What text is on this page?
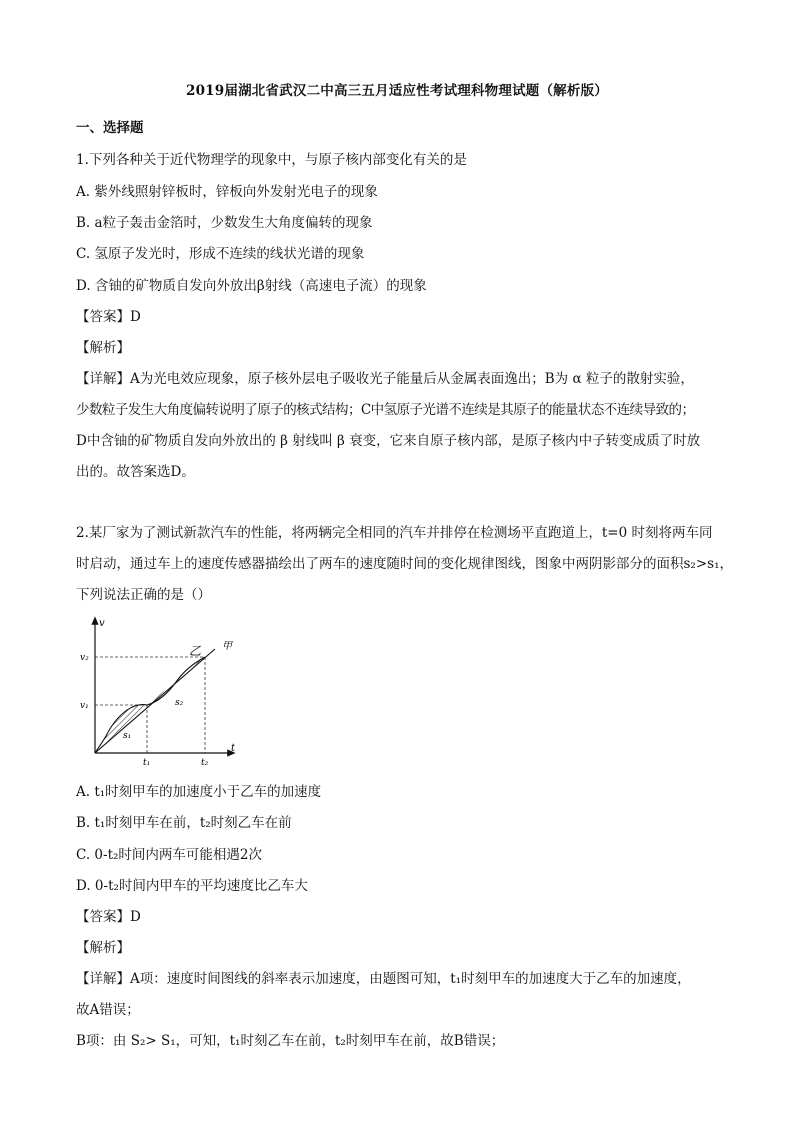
2019届湖北省武汉二中高三五月适应性考试理科物理试题（解析版）
一、选择题
1.下列各种关于近代物理学的现象中，与原子核内部变化有关的是
A. 紫外线照射锌板时，锌板向外发射光电子的现象
B. a粒子轰击金箔时，少数发生大角度偏转的现象
C. 氢原子发光时，形成不连续的线状光谱的现象
D. 含铀的矿物质自发向外放出β射线（高速电子流）的现象
【答案】D
【解析】
【详解】A为光电效应现象，原子核外层电子吸收光子能量后从金属表面逸出；B为 α 粒子的散射实验，
少数粒子发生大角度偏转说明了原子的核式结构；C中氢原子光谱不连续是其原子的能量状态不连续导致的；
D中含铀的矿物质自发向外放出的 β 射线叫 β 衰变，它来自原子核内部，是原子核内中子转变成质了时放
出的。故答案选D。
2.某厂家为了测试新款汽车的性能，将两辆完全相同的汽车并排停在检测场平直跑道上，t=0 时刻将两车同
时启动，通过车上的速度传感器描绘出了两车的速度随时间的变化规律图线，图象中两阴影部分的面积s₂>s₁，
下列说法正确的是（）
v
t
v₂
v₁
t₁	t₂
s₁
s₂
乙 甲
A. t₁时刻甲车的加速度小于乙车的加速度
B. t₁时刻甲车在前，t₂时刻乙车在前
C. 0-t₂时间内两车可能相遇2次
D. 0-t₂时间内甲车的平均速度比乙车大
【答案】D
【解析】
【详解】A项：速度时间图线的斜率表示加速度，由题图可知，t₁时刻甲车的加速度大于乙车的加速度，
故A错误；
B项：由 S₂> S₁，可知，t₁时刻乙车在前，t₂时刻甲车在前，故B错误；
